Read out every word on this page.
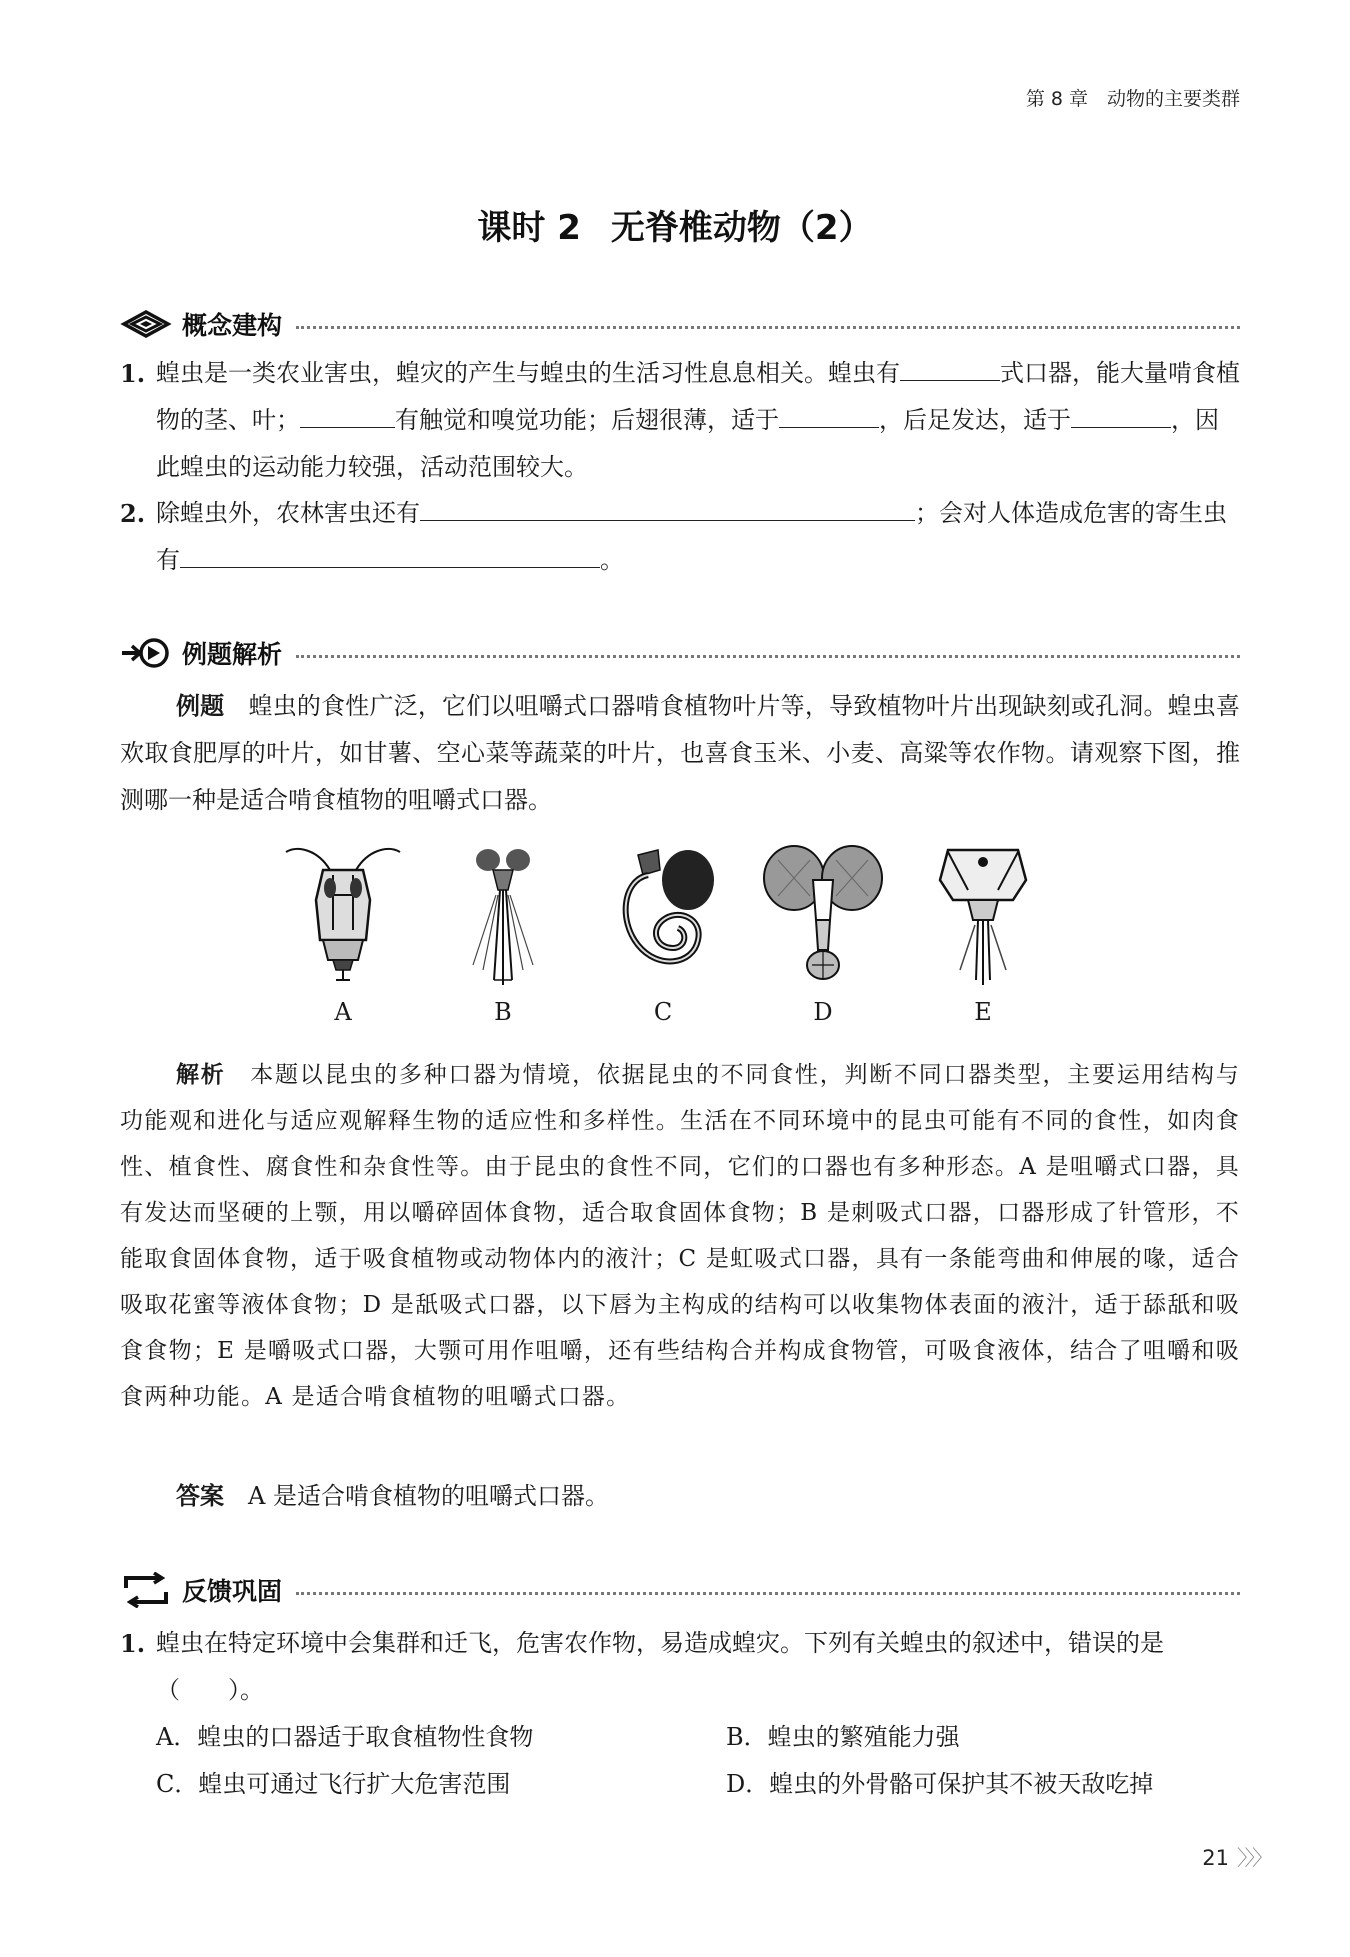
第 8 章　动物的主要类群
课时 2 无脊椎动物（2）
概念建构
1. 蝗虫是一类农业害虫，蝗灾的产生与蝗虫的生活习性息息相关。蝗虫有	式口器，能大量啃食植物的茎、叶；	有触觉和嗅觉功能；后翅很薄，适于	，后足发达，适于	，因此蝗虫的运动能力较强，活动范围较大。
2. 除蝗虫外，农林害虫还有	；会对人体造成危害的寄生虫有	。
例题解析
例题　 蝗虫的食性广泛，它们以咀嚼式口器啃食植物叶片等，导致植物叶片出现缺刻或孔洞。蝗虫喜欢取食肥厚的叶片，如甘薯、空心菜等蔬菜的叶片，也喜食玉米、小麦、高粱等农作物。请观察下图，推测哪一种是适合啃食植物的咀嚼式口器。
A	B	C	D	E
解析　 本题以昆虫的多种口器为情境，依据昆虫的不同食性，判断不同口器类型，主要运用结构与功能观和进化与适应观解释生物的适应性和多样性。生活在不同环境中的昆虫可能有不同的食性，如肉食性、植食性、腐食性和杂食性等。由于昆虫的食性不同，它们的口器也有多种形态。A 是咀嚼式口器，具有发达而坚硬的上颚，用以嚼碎固体食物，适合取食固体食物；B 是刺吸式口器，口器形成了针管形，不能取食固体食物，适于吸食植物或动物体内的液汁；C 是虹吸式口器，具有一条能弯曲和伸展的喙，适合吸取花蜜等液体食物；D 是舐吸式口器，以下唇为主构成的结构可以收集物体表面的液汁，适于舔舐和吸食食物；E 是嚼吸式口器，大颚可用作咀嚼，还有些结构合并构成食物管，可吸食液体，结合了咀嚼和吸食两种功能。A 是适合啃食植物的咀嚼式口器。
答案　 A 是适合啃食植物的咀嚼式口器。
反馈巩固
1. 蝗虫在特定环境中会集群和迁飞，危害农作物，易造成蝗灾。下列有关蝗虫的叙述中，错误的是（　　）。
A．蝗虫的口器适于取食植物性食物	B．蝗虫的繁殖能力强
C．蝗虫可通过飞行扩大危害范围	D．蝗虫的外骨骼可保护其不被天敌吃掉
21 〉〉〉
